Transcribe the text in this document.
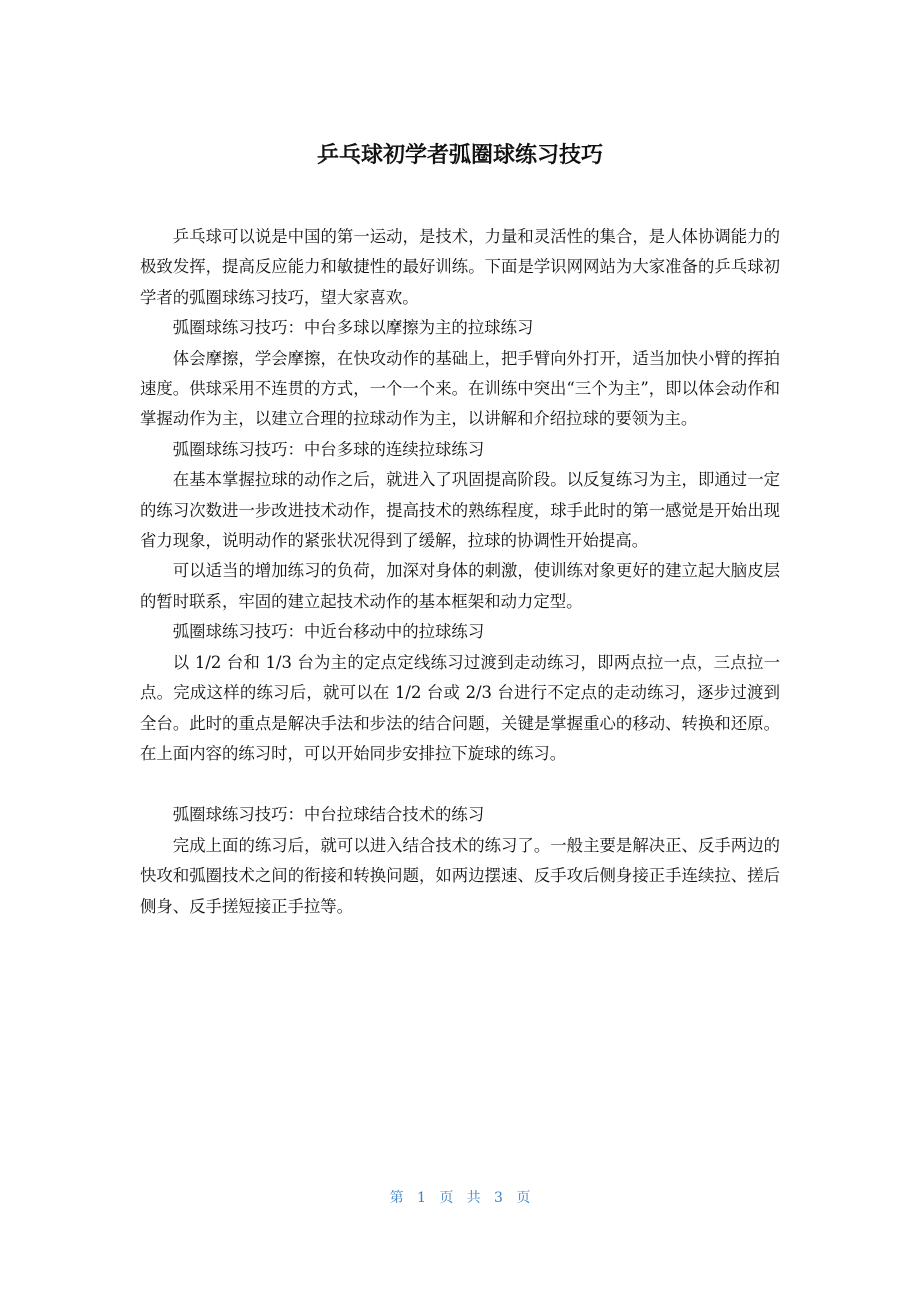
乒乓球初学者弧圈球练习技巧

乒乓球可以说是中国的第一运动，是技术，力量和灵活性的集合，是人体协调能力的极致发挥，提高反应能力和敏捷性的最好训练。下面是学识网网站为大家准备的乒乓球初学者的弧圈球练习技巧，望大家喜欢。

弧圈球练习技巧：中台多球以摩擦为主的拉球练习

体会摩擦，学会摩擦，在快攻动作的基础上，把手臂向外打开，适当加快小臂的挥拍速度。供球采用不连贯的方式，一个一个来。在训练中突出“三个为主”，即以体会动作和掌握动作为主，以建立合理的拉球动作为主，以讲解和介绍拉球的要领为主。

弧圈球练习技巧：中台多球的连续拉球练习

在基本掌握拉球的动作之后，就进入了巩固提高阶段。以反复练习为主，即通过一定的练习次数进一步改进技术动作，提高技术的熟练程度，球手此时的第一感觉是开始出现省力现象，说明动作的紧张状况得到了缓解，拉球的协调性开始提高。

可以适当的增加练习的负荷，加深对身体的刺激，使训练对象更好的建立起大脑皮层的暂时联系，牢固的建立起技术动作的基本框架和动力定型。

弧圈球练习技巧：中近台移动中的拉球练习

以 1/2 台和 1/3 台为主的定点定线练习过渡到走动练习，即两点拉一点，三点拉一点。完成这样的练习后，就可以在 1/2 台或 2/3 台进行不定点的走动练习，逐步过渡到全台。此时的重点是解决手法和步法的结合问题，关键是掌握重心的移动、转换和还原。在上面内容的练习时，可以开始同步安排拉下旋球的练习。

弧圈球练习技巧：中台拉球结合技术的练习

完成上面的练习后，就可以进入结合技术的练习了。一般主要是解决正、反手两边的快攻和弧圈技术之间的衔接和转换问题，如两边摆速、反手攻后侧身接正手连续拉、搓后侧身、反手搓短接正手拉等。

第 1 页   共 3 页
